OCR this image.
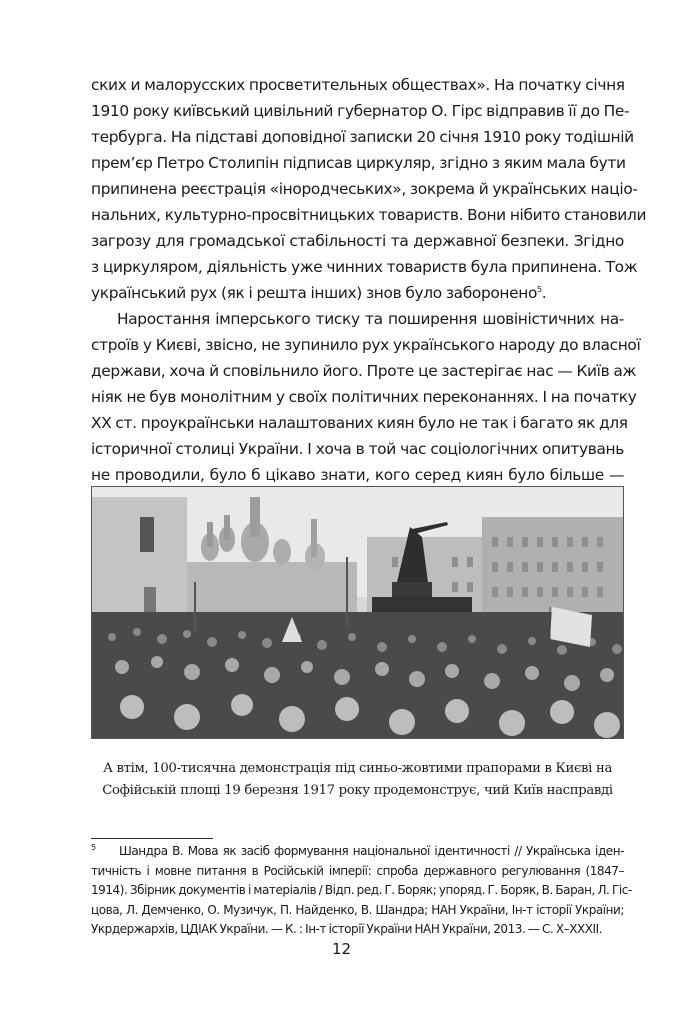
ских и малорусских просветительных обществах». На початку січня
1910 року київський цивільний губернатор О. Гірс відправив її до Пе-
тербурга. На підставі доповідної записки 20 січня 1910 року тодішній
прем’єр Петро Столипін підписав циркуляр, згідно з яким мала бути
припинена реєстрація «інородчеських», зокрема й українських націо-
нальних, культурно-просвітницьких товариств. Вони нібито становили
загрозу для громадської стабільності та державної безпеки. Згідно
з циркуляром, діяльність уже чинних товариств була припинена. Тож
український рух (як і решта інших) знов було заборонено$^5$.

Наростання імперського тиску та поширення шовіністичних на-
строїв у Києві, звісно, не зупинило рух українського народу до власної
держави, хоча й сповільнило його. Проте це застерігає нас — Київ аж
ніяк не був монолітним у своїх політичних переконаннях. І на початку
ХХ ст. проукраїнськи налаштованих киян було не так і багато як для
історичної столиці України. І хоча в той час соціологічних опитувань
не проводили, було б цікаво знати, кого серед киян було більше —

А втім, 100-тисячна демонстрація під синьо-жовтими прапорами в Києві на
Софійській площі 19 березня 1917 року продемонструє, чий Київ насправді
5 Шандра В. Мова як засіб формування національної ідентичності // Українська іден-
тичність і мовне питання в Російській імперії: спроба державного регулювання (1847–
1914). Збірник документів і матеріалів / Відп. ред. Г. Боряк; упоряд. Г. Боряк, В. Баран, Л. Гіс-
цова, Л. Демченко, О. Музичук, П. Найденко, В. Шандра; НАН України, Ін-т історії України;
Укрдержархів, ЦДІАК України. — К. : Ін-т історії України НАН України, 2013. — С. X–XXXII.
12
